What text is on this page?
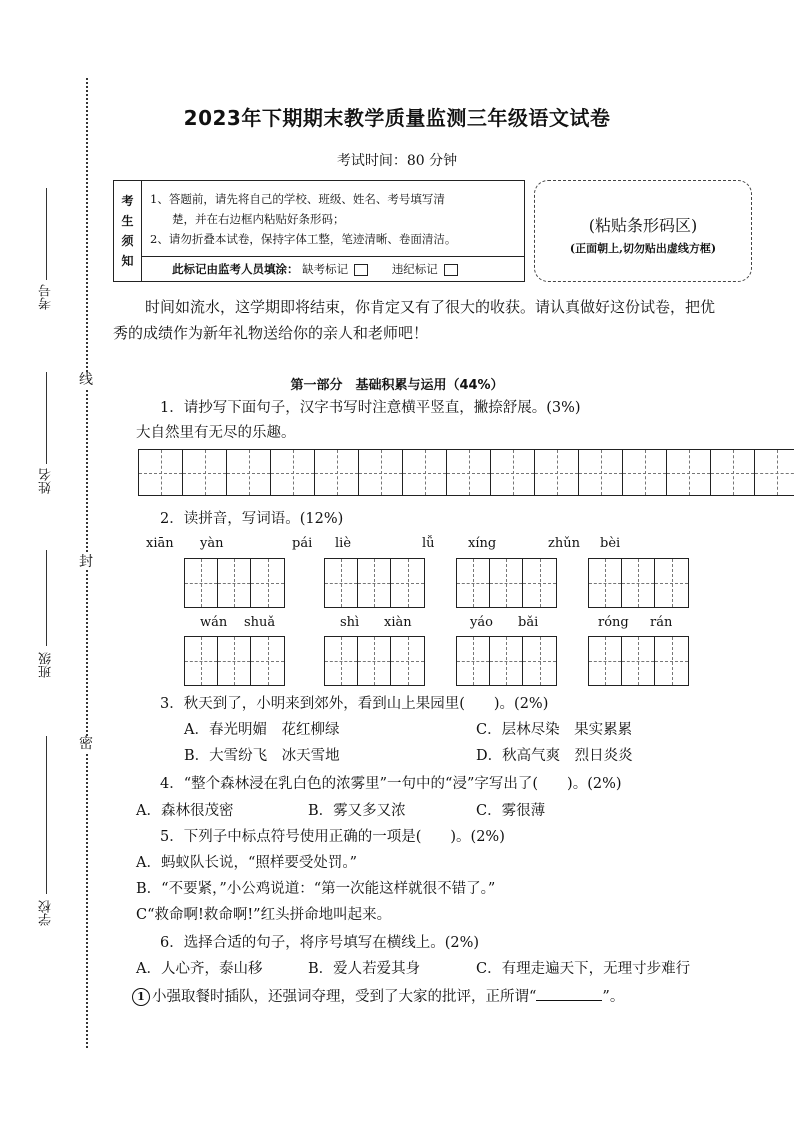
线
封
密
考号
姓名
班级
学校
2023年下期期末教学质量监测三年级语文试卷
考试时间：80 分钟
考
生
须
知
1、答题前，请先将自己的学校、班级、姓名、考号填写清
楚，并在右边框内粘贴好条形码；
2、请勿折叠本试卷，保持字体工整，笔迹清晰、卷面清洁。
此标记由监考人员填涂： 缺考标记	违纪标记
(粘贴条形码区)
(正面朝上,切勿贴出虚线方框)
时间如流水，这学期即将结束，你肯定又有了很大的收获。请认真做好这份试卷，把优秀的成绩作为新年礼物送给你的亲人和老师吧！
第一部分　基础积累与运用（44%）
1．请抄写下面句子，汉字书写时注意横平竖直，撇捺舒展。(3%)
大自然里有无尽的乐趣。
2．读拼音，写词语。(12%)
xiān yàn	pái liè	lǚ	xíng	zhǔn bèi
wán shuǎ	shì xiàn	yáo bǎi	róng rán
3．秋天到了，小明来到郊外，看到山上果园里(　　)。(2%)
A．春光明媚　花红柳绿	C．层林尽染　果实累累
B．大雪纷飞　冰天雪地	D．秋高气爽　烈日炎炎
4．“整个森林浸在乳白色的浓雾里”一句中的“浸”字写出了(　　)。(2%)
A．森林很茂密	B．雾又多又浓	C．雾很薄
5．下列子中标点符号使用正确的一项是(　　)。(2%)
A．蚂蚁队长说，“照样要受处罚。”
B．“不要紧，”小公鸡说道：“第一次能这样就很不错了。”
C“救命啊!救命啊!”红头拼命地叫起来。
6．选择合适的句子，将序号填写在横线上。(2%)
A．人心齐，泰山移	B．爱人若爱其身	C．有理走遍天下，无理寸步难行
1 小强取餐时插队，还强词夺理，受到了大家的批评，正所谓“	”。
